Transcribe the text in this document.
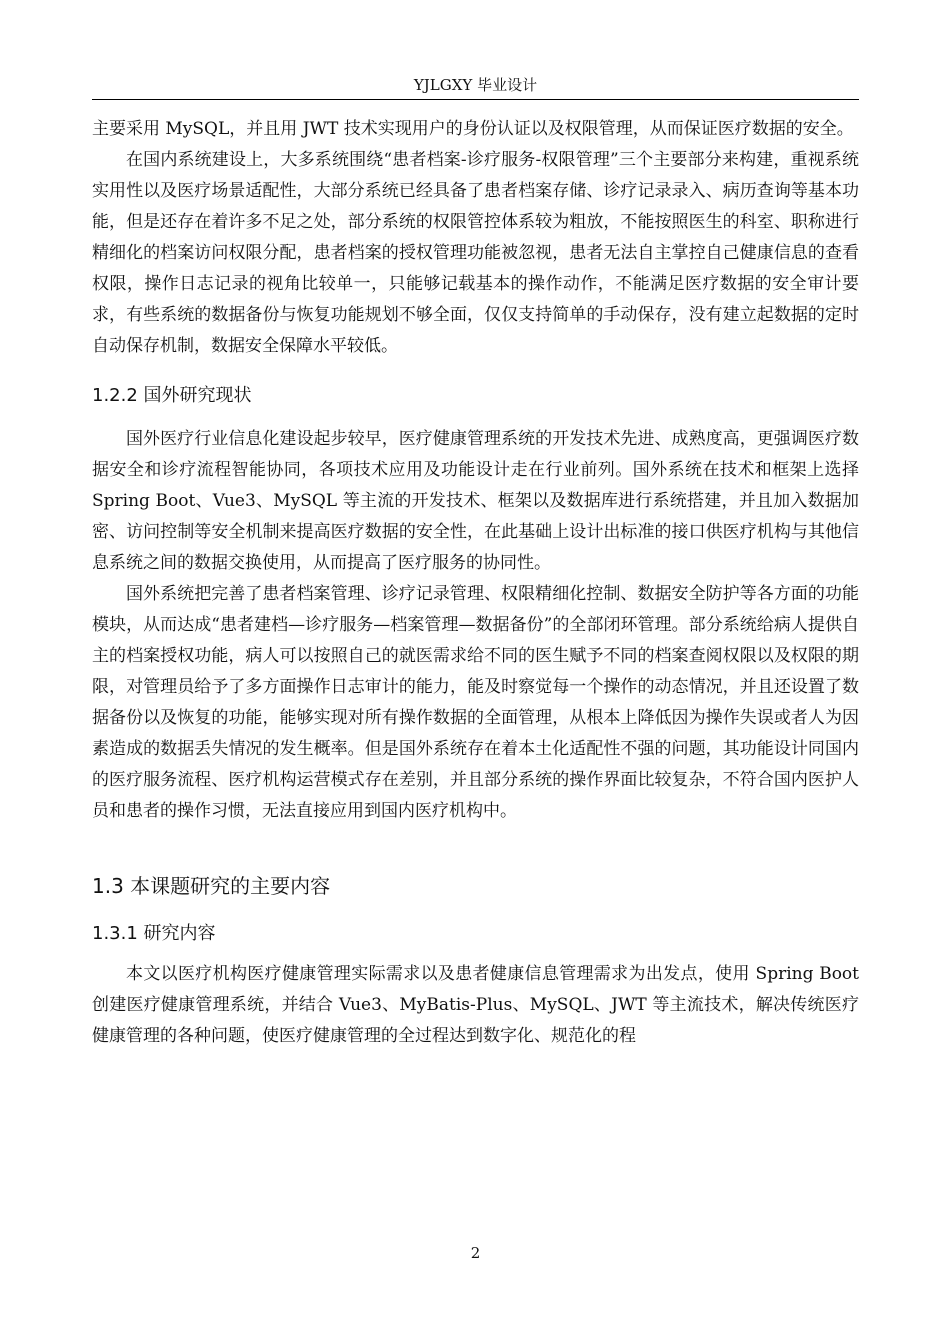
YJLGXY 毕业设计

主要采用 MySQL，并且用 JWT 技术实现用户的身份认证以及权限管理，从而保证医疗数据的安全。

在国内系统建设上，大多系统围绕“患者档案-诊疗服务-权限管理”三个主要部分来构建，重视系统实用性以及医疗场景适配性，大部分系统已经具备了患者档案存储、诊疗记录录入、病历查询等基本功能，但是还存在着许多不足之处，部分系统的权限管控体系较为粗放，不能按照医生的科室、职称进行精细化的档案访问权限分配，患者档案的授权管理功能被忽视，患者无法自主掌控自己健康信息的查看权限，操作日志记录的视角比较单一，只能够记载基本的操作动作，不能满足医疗数据的安全审计要求，有些系统的数据备份与恢复功能规划不够全面，仅仅支持简单的手动保存，没有建立起数据的定时自动保存机制，数据安全保障水平较低。

1.2.2 国外研究现状

国外医疗行业信息化建设起步较早，医疗健康管理系统的开发技术先进、成熟度高，更强调医疗数据安全和诊疗流程智能协同，各项技术应用及功能设计走在行业前列。国外系统在技术和框架上选择 Spring Boot、Vue3、MySQL 等主流的开发技术、框架以及数据库进行系统搭建，并且加入数据加密、访问控制等安全机制来提高医疗数据的安全性，在此基础上设计出标准的接口供医疗机构与其他信息系统之间的数据交换使用，从而提高了医疗服务的协同性。

国外系统把完善了患者档案管理、诊疗记录管理、权限精细化控制、数据安全防护等各方面的功能模块，从而达成“患者建档—诊疗服务—档案管理—数据备份”的全部闭环管理。部分系统给病人提供自主的档案授权功能，病人可以按照自己的就医需求给不同的医生赋予不同的档案查阅权限以及权限的期限，对管理员给予了多方面操作日志审计的能力，能及时察觉每一个操作的动态情况，并且还设置了数据备份以及恢复的功能，能够实现对所有操作数据的全面管理，从根本上降低因为操作失误或者人为因素造成的数据丢失情况的发生概率。但是国外系统存在着本土化适配性不强的问题，其功能设计同国内的医疗服务流程、医疗机构运营模式存在差别，并且部分系统的操作界面比较复杂，不符合国内医护人员和患者的操作习惯，无法直接应用到国内医疗机构中。

1.3 本课题研究的主要内容
1.3.1 研究内容

本文以医疗机构医疗健康管理实际需求以及患者健康信息管理需求为出发点，使用 Spring Boot 创建医疗健康管理系统，并结合 Vue3、MyBatis-Plus、MySQL、JWT 等主流技术，解决传统医疗健康管理的各种问题，使医疗健康管理的全过程达到数字化、规范化的程

2
